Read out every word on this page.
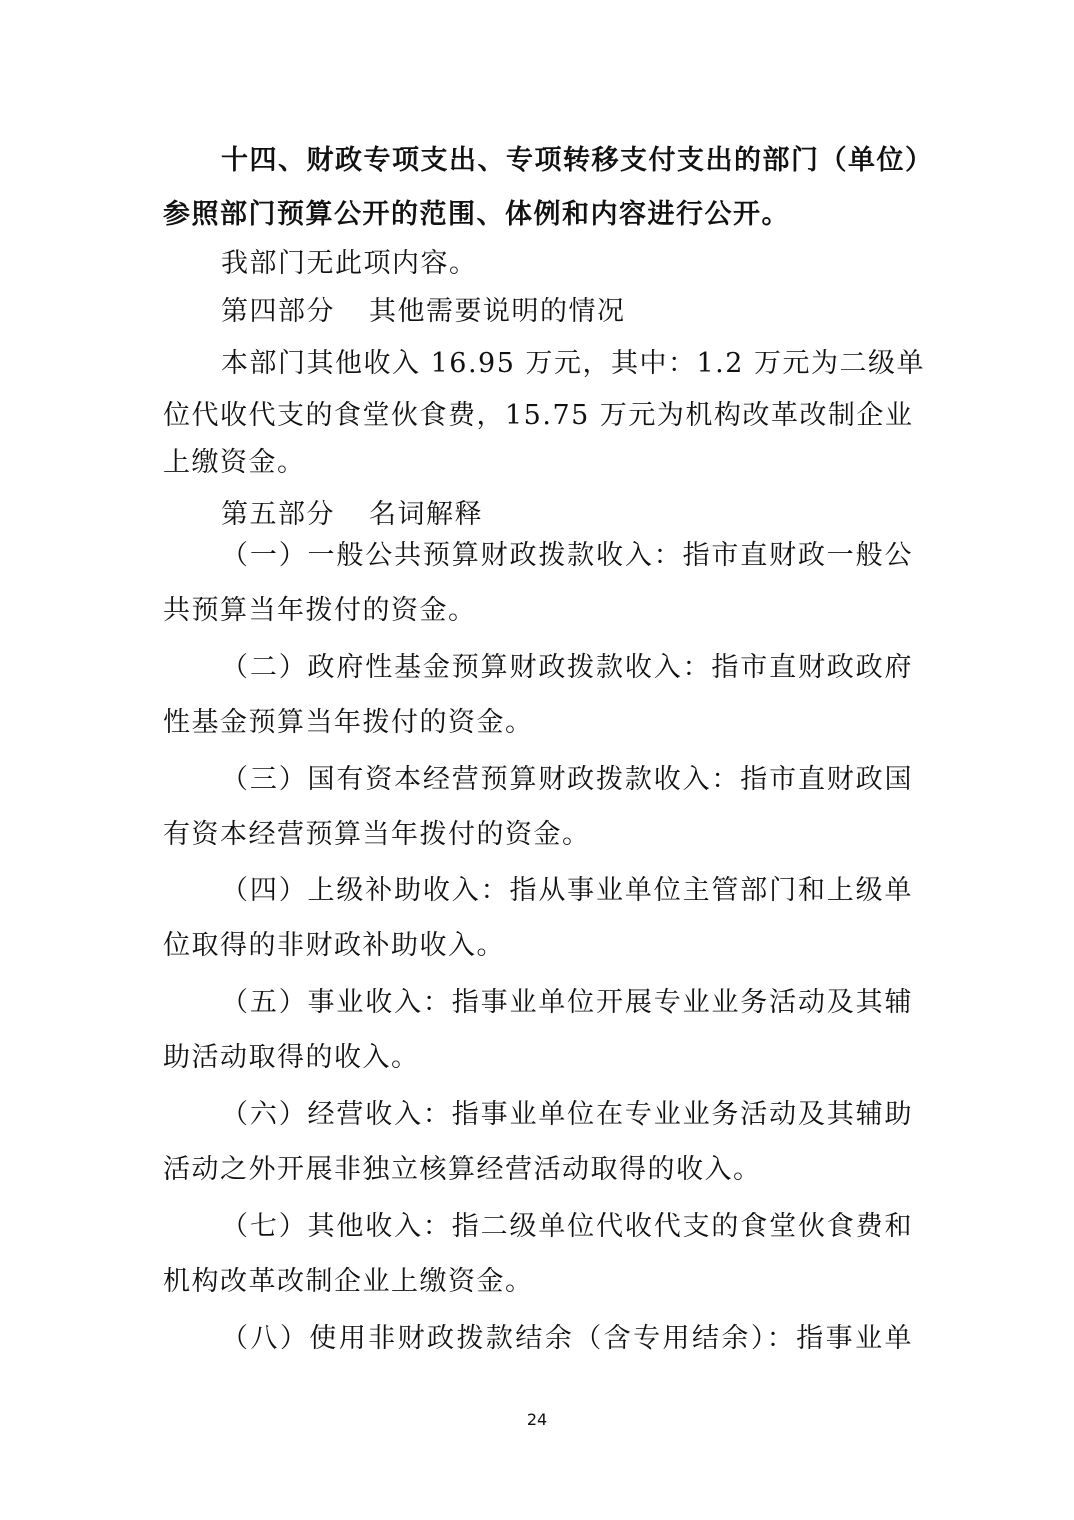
十四、财政专项支出、专项转移支付支出的部门（单位）
参照部门预算公开的范围、体例和内容进行公开。
我部门无此项内容。
第四部分 其他需要说明的情况
本部门其他收入 16.95 万元，其中：1.2 万元为二级单
位代收代支的食堂伙食费，15.75 万元为机构改革改制企业
上缴资金。
第五部分 名词解释
（一）一般公共预算财政拨款收入：指市直财政一般公
共预算当年拨付的资金。
（二）政府性基金预算财政拨款收入：指市直财政政府
性基金预算当年拨付的资金。
（三）国有资本经营预算财政拨款收入：指市直财政国
有资本经营预算当年拨付的资金。
（四）上级补助收入：指从事业单位主管部门和上级单
位取得的非财政补助收入。
（五）事业收入：指事业单位开展专业业务活动及其辅
助活动取得的收入。
（六）经营收入：指事业单位在专业业务活动及其辅助
活动之外开展非独立核算经营活动取得的收入。
（七）其他收入：指二级单位代收代支的食堂伙食费和
机构改革改制企业上缴资金。
（八）使用非财政拨款结余（含专用结余）：指事业单
24
